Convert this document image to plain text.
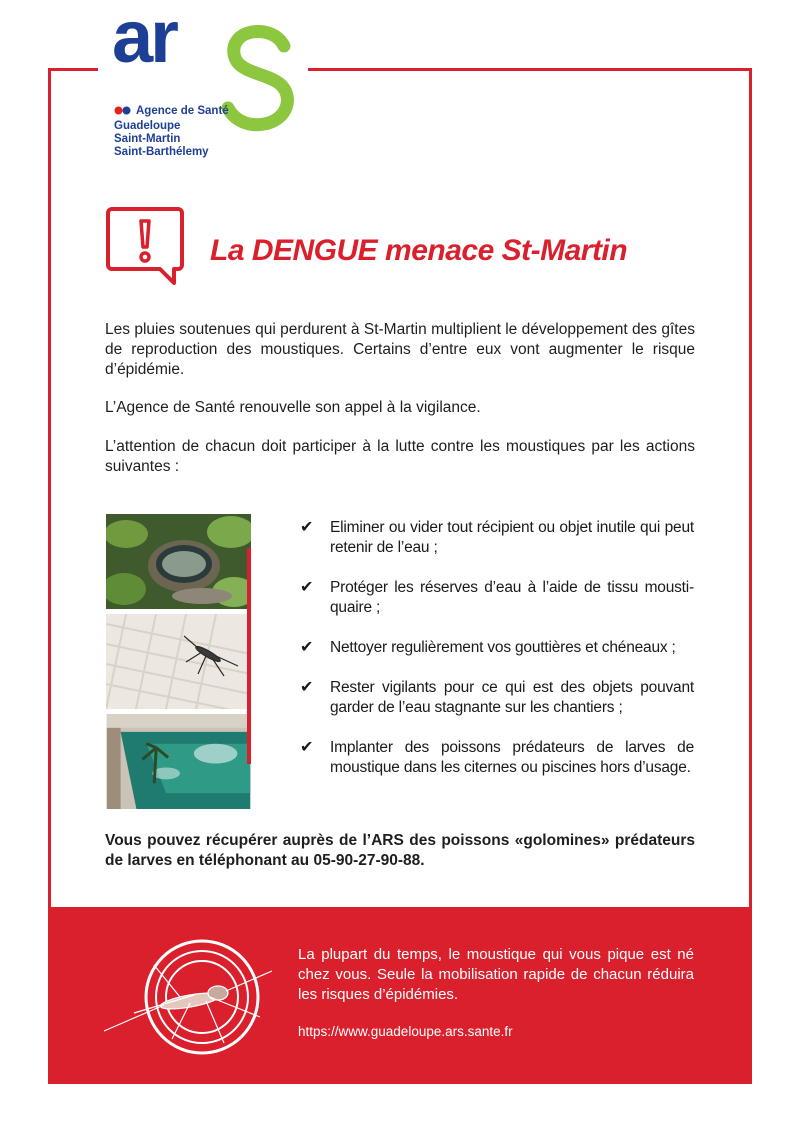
ar
Agence de Santé
Guadeloupe
Saint-Martin
Saint-Barthélemy
La DENGUE menace St-Martin
Les pluies soutenues qui perdurent à St-Martin multiplient le développement des gîtes de reproduction des moustiques. Certains d’entre eux vont augmenter le risque d’épidémie.
L’Agence de Santé renouvelle son appel à la vigilance.
L’attention de chacun doit participer à la lutte contre les moustiques par les actions suivantes :

✔ Eliminer ou vider tout récipient ou objet inutile qui peut retenir de l’eau ;
✔ Protéger les réserves d’eau à l’aide de tissu mousti-quaire ;
✔ Nettoyer regulièrement vos gouttières et chéneaux ;
✔ Rester vigilants pour ce qui est des objets pouvant garder de l’eau stagnante sur les chantiers ;
✔ Implanter des poissons prédateurs de larves de moustique dans les citernes ou piscines hors d’usage.
Vous pouvez récupérer auprès de l’ARS des poissons «golomines» prédateurs de larves en téléphonant au 05-90-27-90-88.
La plupart du temps, le moustique qui vous pique est né chez vous. Seule la mobilisation rapide de chacun réduira les risques d’épidémies.
https://www.guadeloupe.ars.sante.fr
